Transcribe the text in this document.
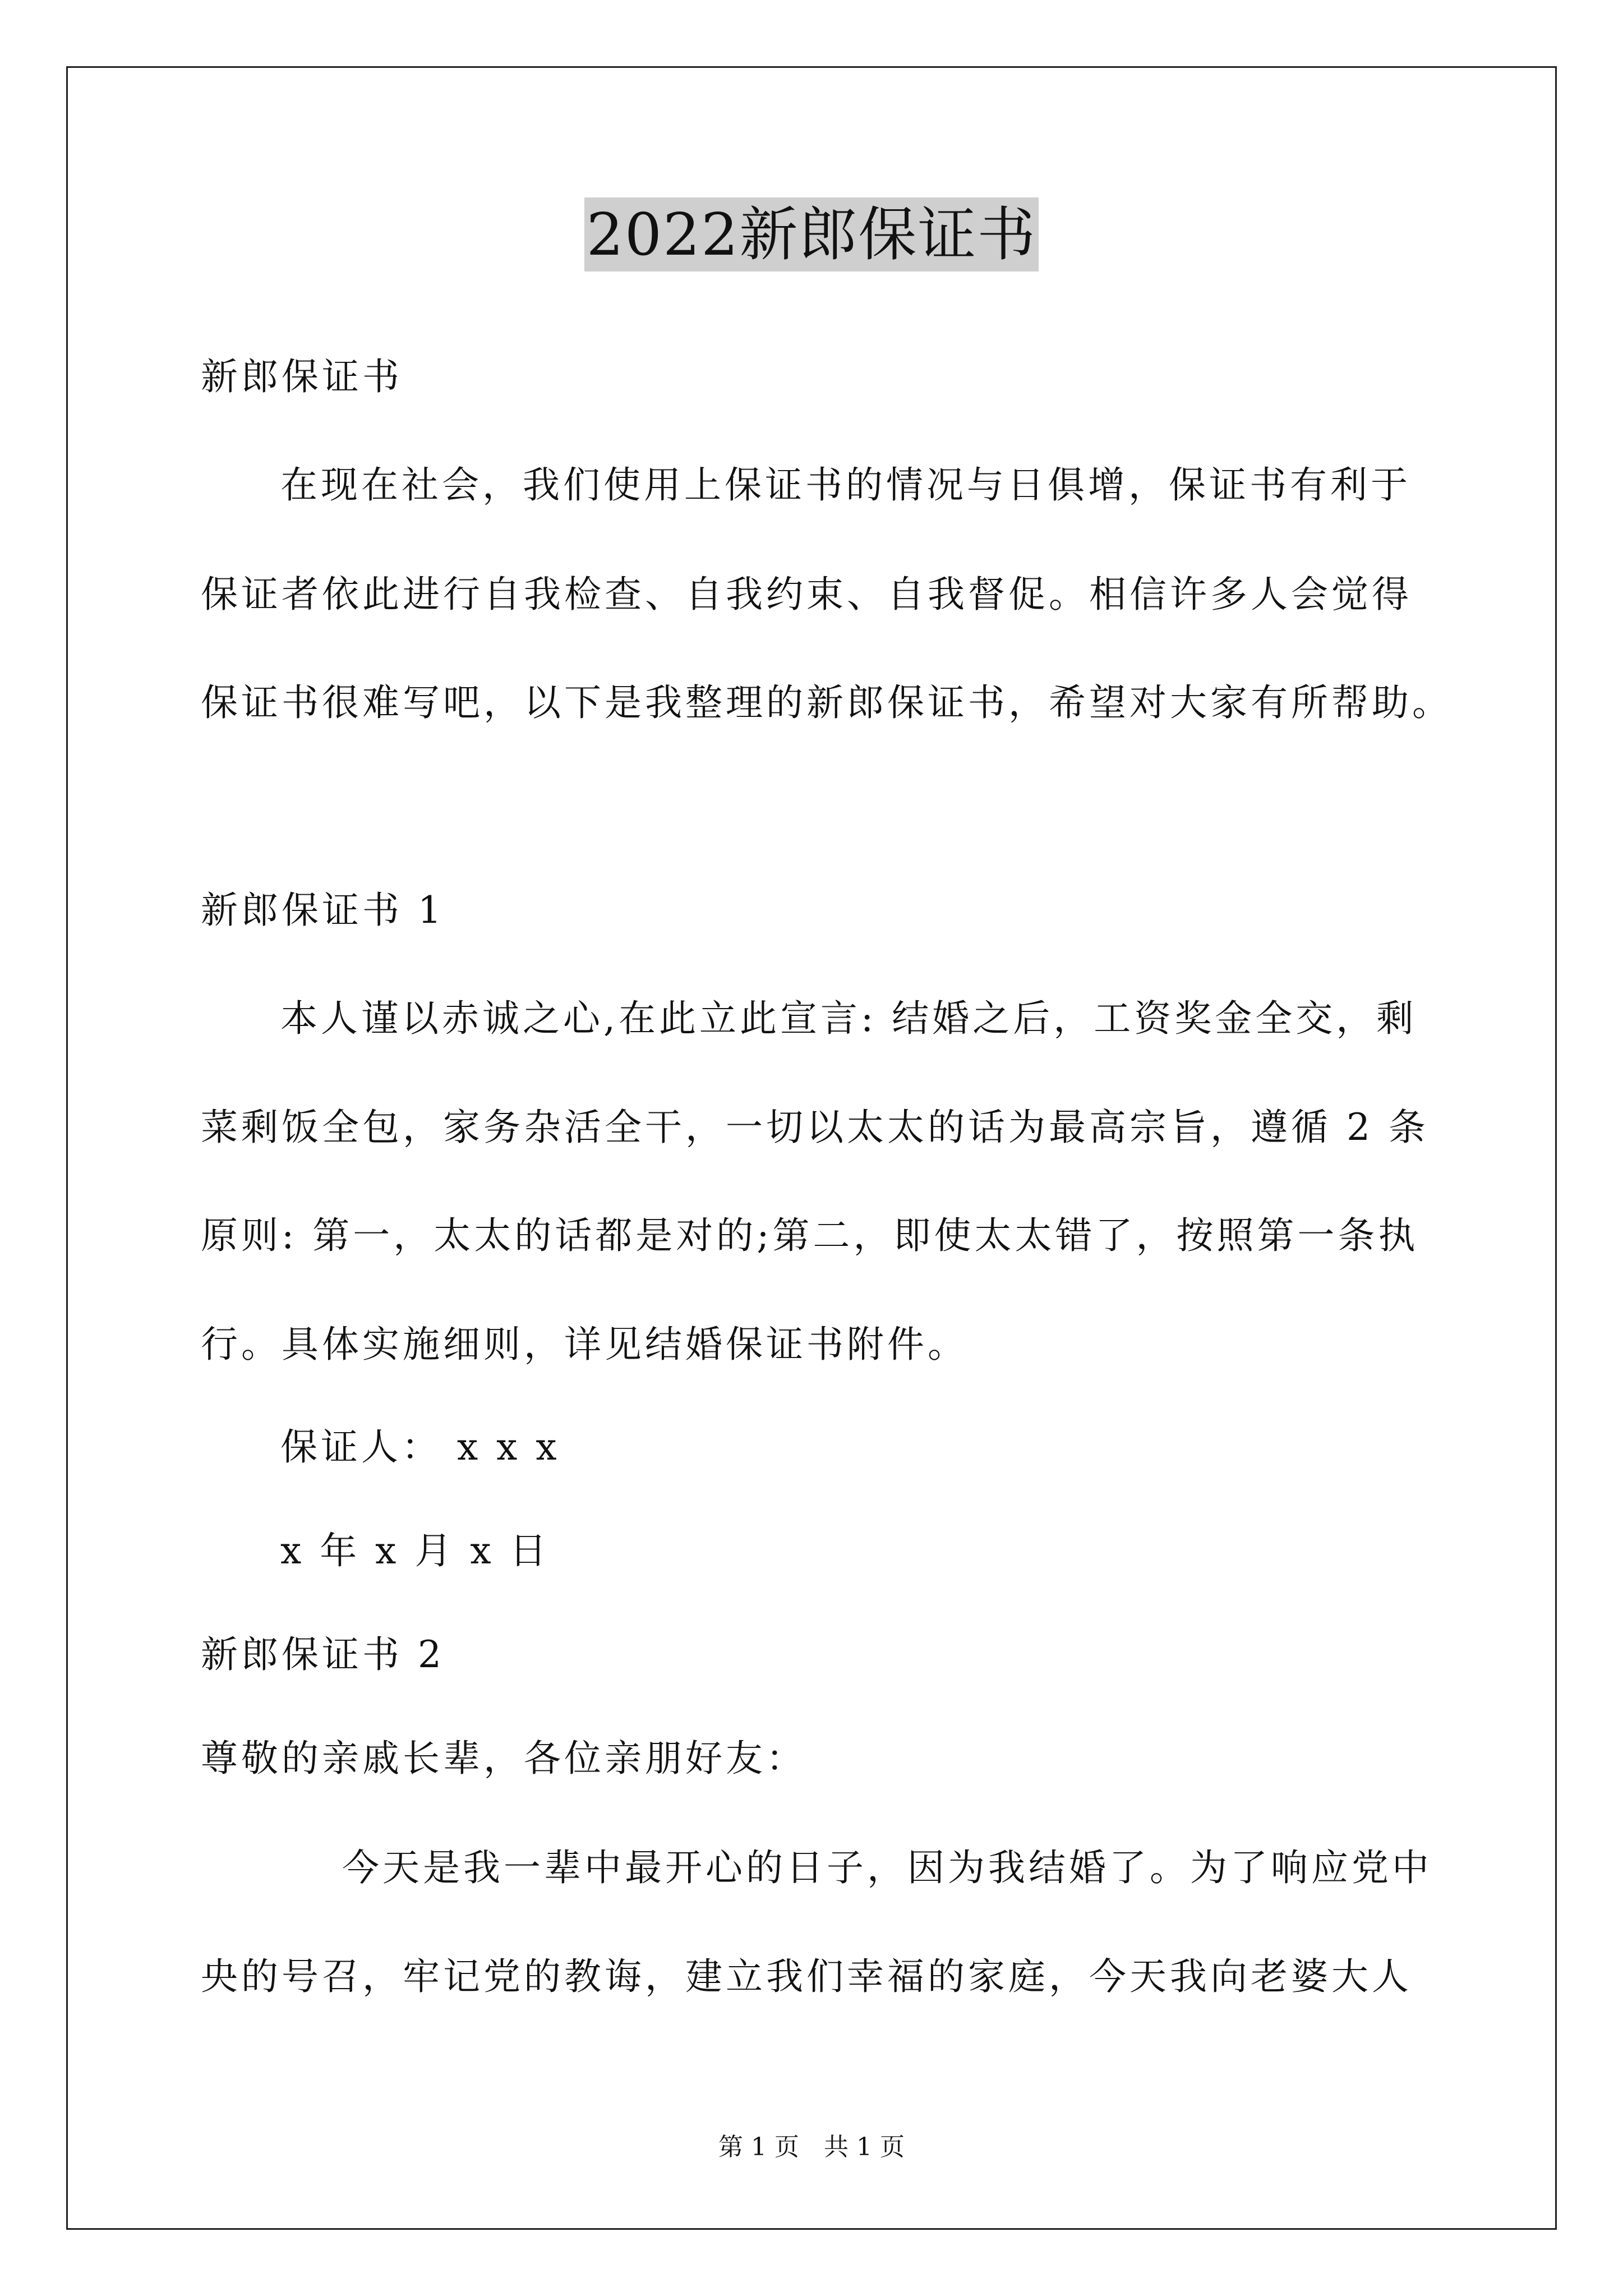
2022新郎保证书
新郎保证书
在现在社会，我们使用上保证书的情况与日俱增，保证书有利于
保证者依此进行自我检查、自我约束、自我督促。相信许多人会觉得
保证书很难写吧，以下是我整理的新郎保证书，希望对大家有所帮助。
新郎保证书 1
本人谨以赤诚之心,在此立此宣言: 结婚之后，工资奖金全交，剩
菜剩饭全包，家务杂活全干，一切以太太的话为最高宗旨，遵循 2 条
原则: 第一，太太的话都是对的;第二，即使太太错了，按照第一条执
行。具体实施细则，详见结婚保证书附件。
保证人： x x x
x 年 x 月 x 日
新郎保证书 2
尊敬的亲戚长辈，各位亲朋好友：
今天是我一辈中最开心的日子，因为我结婚了。为了响应党中
央的号召，牢记党的教诲，建立我们幸福的家庭，今天我向老婆大人
第 1 页　共 1 页
